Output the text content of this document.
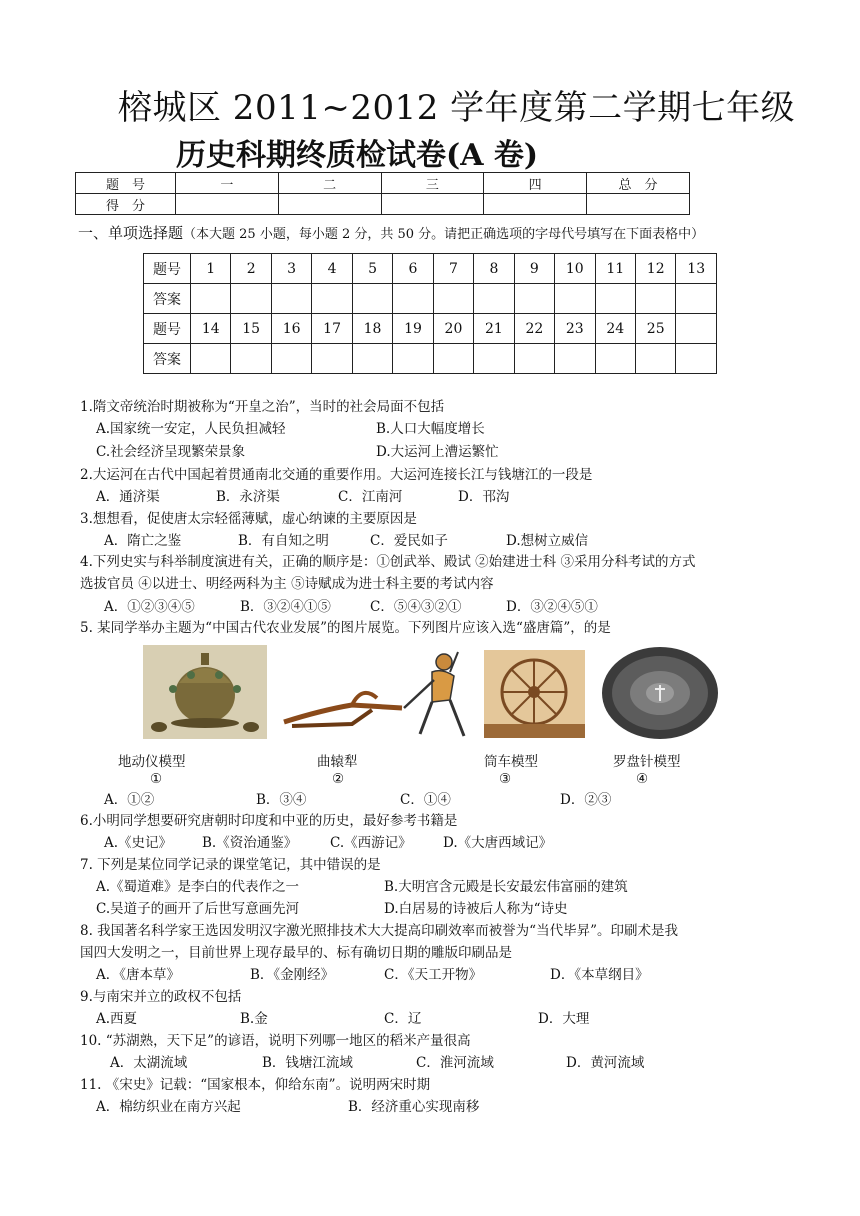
榕城区 2011~2012 学年度第二学期七年级
历史科期终质检试卷(A 卷)
题　号	一	二	三	四	总　分
得　分					
一、单项选择题（本大题 25 小题，每小题 2 分，共 50 分。请把正确选项的字母代号填写在下面表格中）
题号	1	2	3	4	5	6	7	8	9	10	11	12	13
答案													
题号	14	15	16	17	18	19	20	21	22	23	24	25	
答案													
1.隋文帝统治时期被称为“开皇之治”，当时的社会局面不包括
A.国家统一安定，人民负担减轻	B.人口大幅度增长
C.社会经济呈现繁荣景象	D.大运河上漕运繁忙
2.大运河在古代中国起着贯通南北交通的重要作用。大运河连接长江与钱塘江的一段是
A．通济渠	B．永济渠	C．江南河	D．邗沟
3.想想看，促使唐太宗轻徭薄赋，虚心纳谏的主要原因是
A．隋亡之鉴	B．有自知之明	C．爱民如子	D.想树立威信
4.下列史实与科举制度演进有关，正确的顺序是：①创武举、殿试 ②始建进士科 ③采用分科考试的方式
选拔官员 ④以进士、明经两科为主 ⑤诗赋成为进士科主要的考试内容
A．①②③④⑤	B．③②④①⑤	C．⑤④③②①	D．③②④⑤①
5. 某同学举办主题为“中国古代农业发展”的图片展览。下列图片应该入选“盛唐篇”，的是
地动仪模型	曲辕犁	筒车模型	罗盘针模型
①	②	③	④
A．①②	B．③④	C．①④	D．②③
6.小明同学想要研究唐朝时印度和中亚的历史，最好参考书籍是
A.《史记》 B.《资治通鉴》 C.《西游记》 D.《大唐西域记》
7. 下列是某位同学记录的课堂笔记，其中错误的是
A.《蜀道难》是李白的代表作之一	B.大明宫含元殿是长安最宏伟富丽的建筑
C.吴道子的画开了后世写意画先河	D.白居易的诗被后人称为“诗史
8. 我国著名科学家王选因发明汉字激光照排技术大大提高印刷效率而被誉为“当代毕昇”。印刷术是我
国四大发明之一，目前世界上现存最早的、标有确切日期的雕版印刷品是
A．《唐本草》	B．《金刚经》	C．《天工开物》	D．《本草纲目》
9.与南宋并立的政权不包括
A.西夏	B.金	C．辽	D．大理
10. “苏湖熟，天下足”的谚语，说明下列哪一地区的稻米产量很高
A．太湖流域	B．钱塘江流域	C．淮河流域	D．黄河流域
11. 《宋史》记载：“国家根本，仰给东南”。说明两宋时期
A．棉纺织业在南方兴起	B．经济重心实现南移
